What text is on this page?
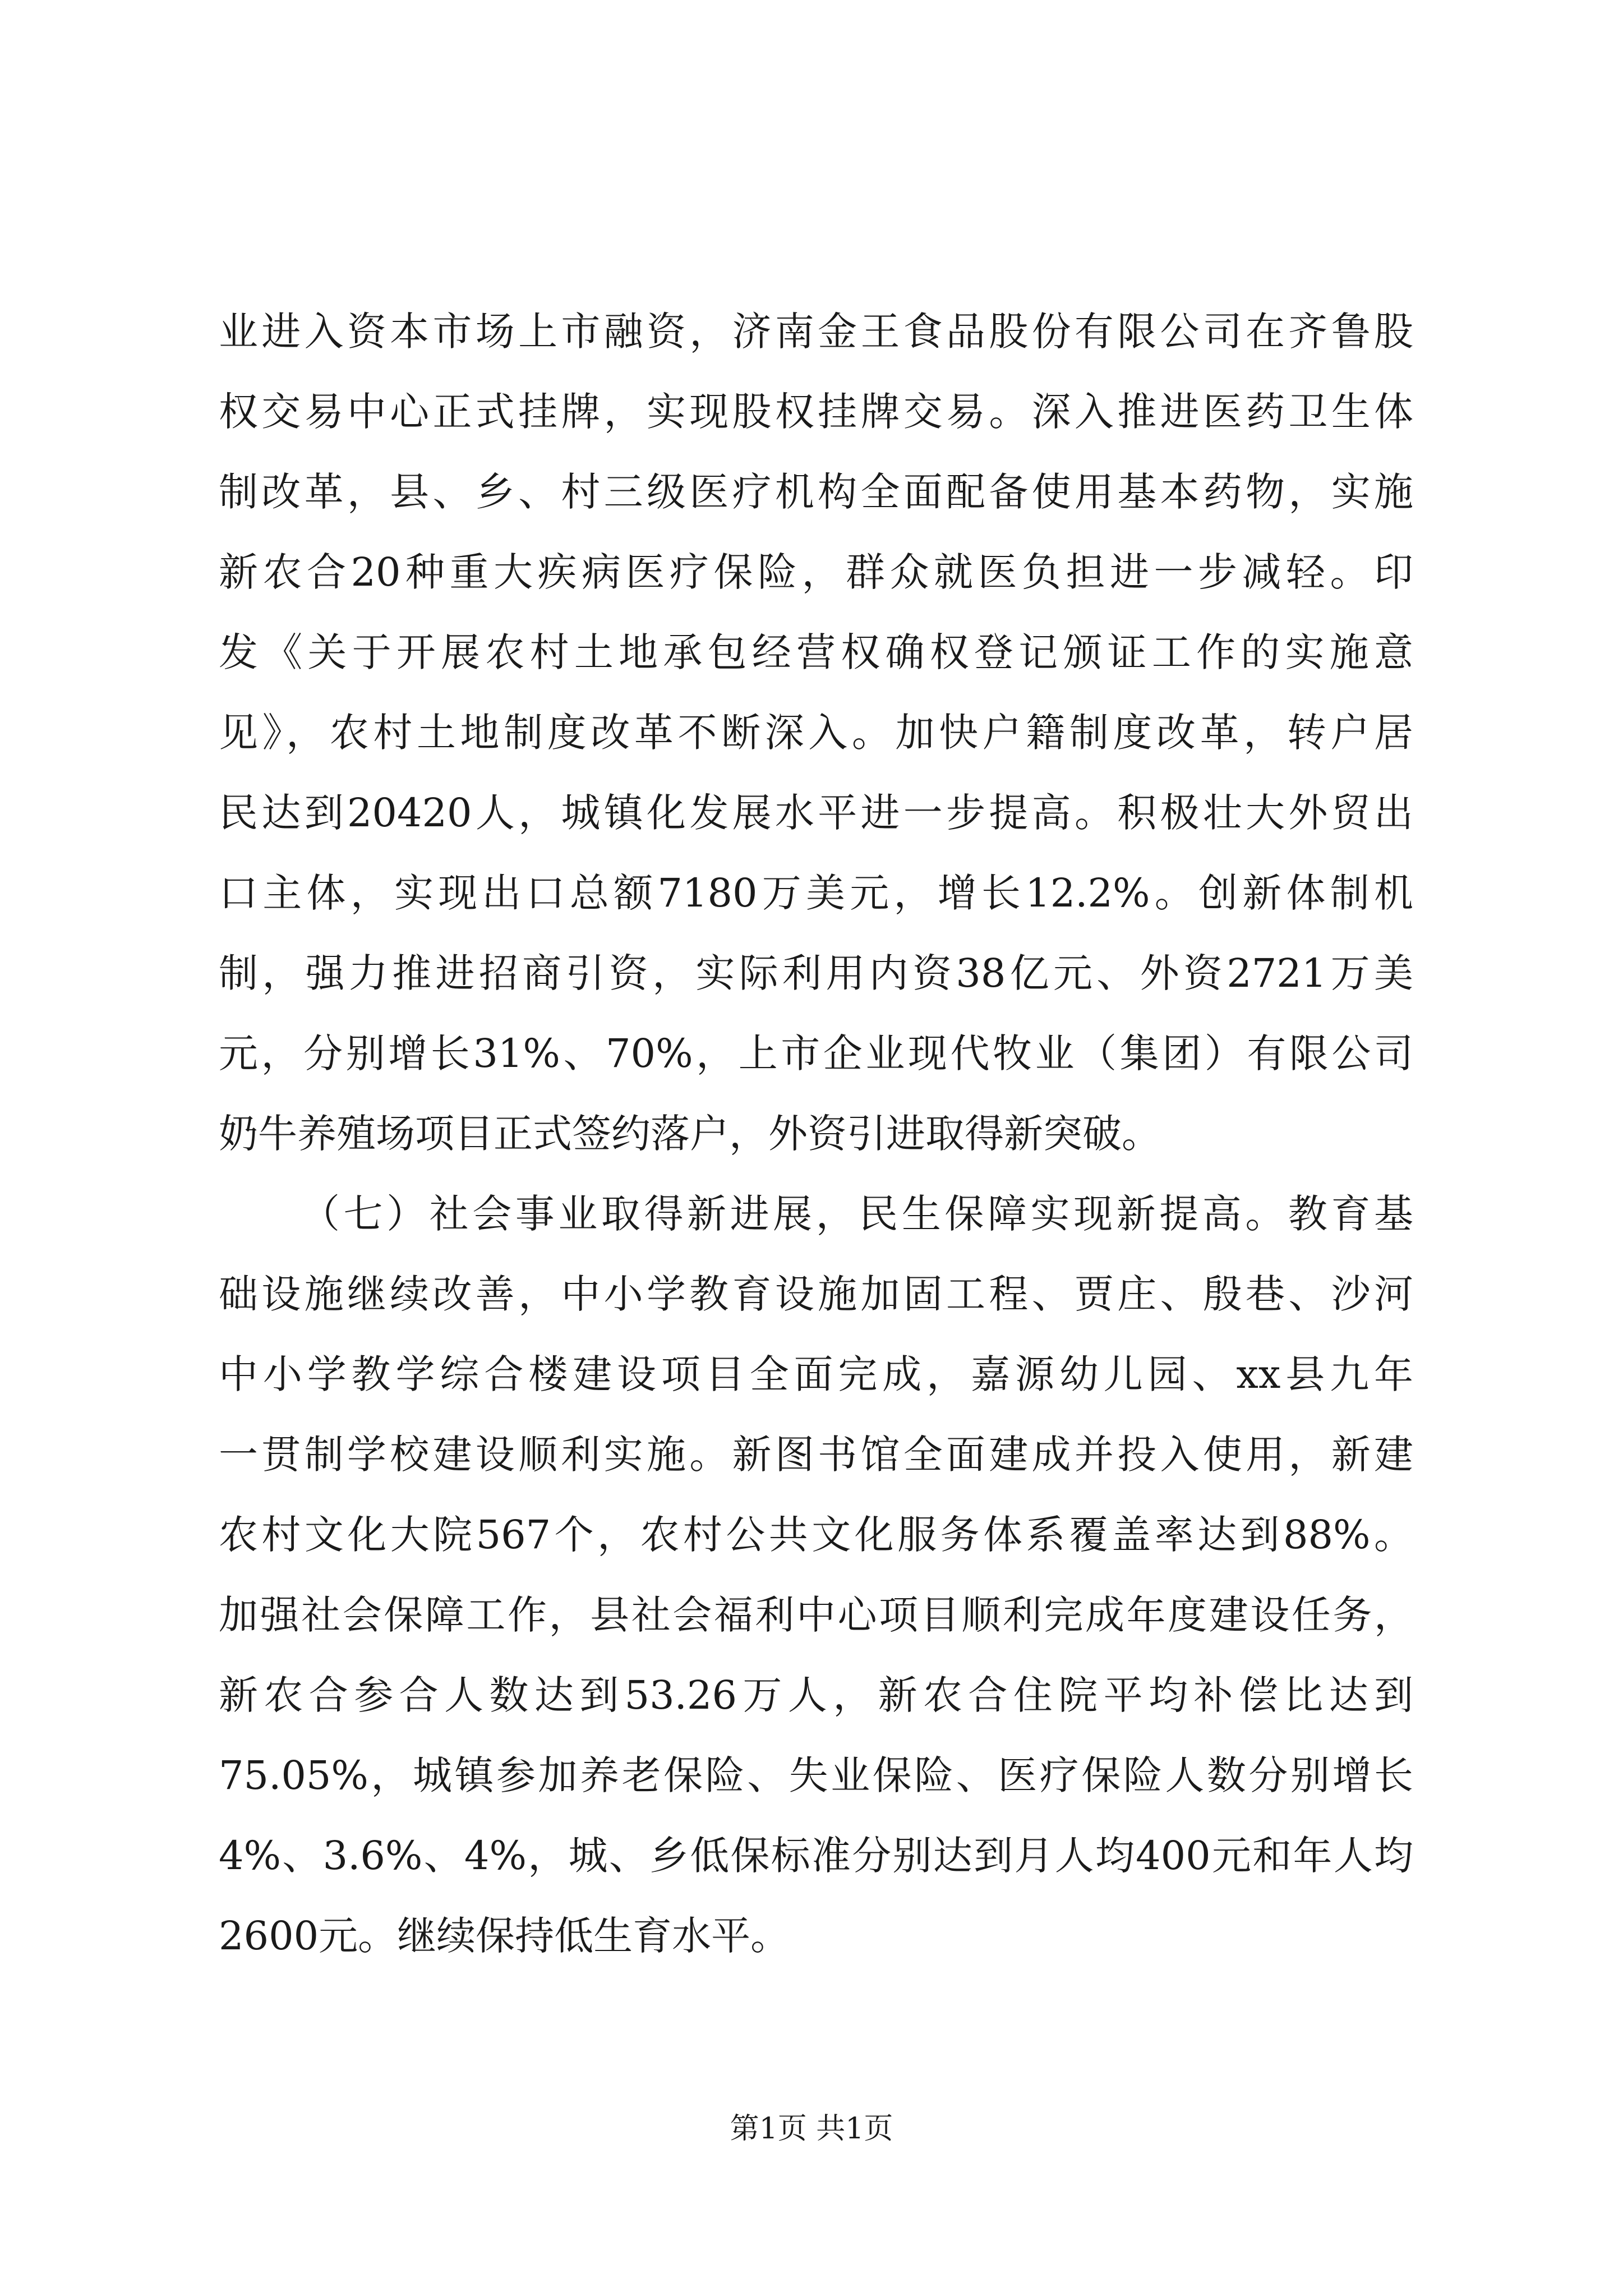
业进入资本市场上市融资，济南金王食品股份有限公司在齐鲁股
权交易中心正式挂牌，实现股权挂牌交易。深入推进医药卫生体
制改革，县、乡、村三级医疗机构全面配备使用基本药物，实施
新农合20种重大疾病医疗保险，群众就医负担进一步减轻。印
发《关于开展农村土地承包经营权确权登记颁证工作的实施意
见》，农村土地制度改革不断深入。加快户籍制度改革，转户居
民达到20420人，城镇化发展水平进一步提高。积极壮大外贸出
口主体，实现出口总额7180万美元，增长12.2%。创新体制机
制，强力推进招商引资，实际利用内资38亿元、外资2721万美
元，分别增长31%、70%，上市企业现代牧业（集团）有限公司
奶牛养殖场项目正式签约落户，外资引进取得新突破。
（七）社会事业取得新进展，民生保障实现新提高。教育基
础设施继续改善，中小学教育设施加固工程、贾庄、殷巷、沙河
中小学教学综合楼建设项目全面完成，嘉源幼儿园、xx县九年
一贯制学校建设顺利实施。新图书馆全面建成并投入使用，新建
农村文化大院567个，农村公共文化服务体系覆盖率达到88%。
加强社会保障工作，县社会福利中心项目顺利完成年度建设任务，
新农合参合人数达到53.26万人，新农合住院平均补偿比达到
75.05%，城镇参加养老保险、失业保险、医疗保险人数分别增长
4%、3.6%、4%，城、乡低保标准分别达到月人均400元和年人均
2600元。继续保持低生育水平。
第1页 共1页
